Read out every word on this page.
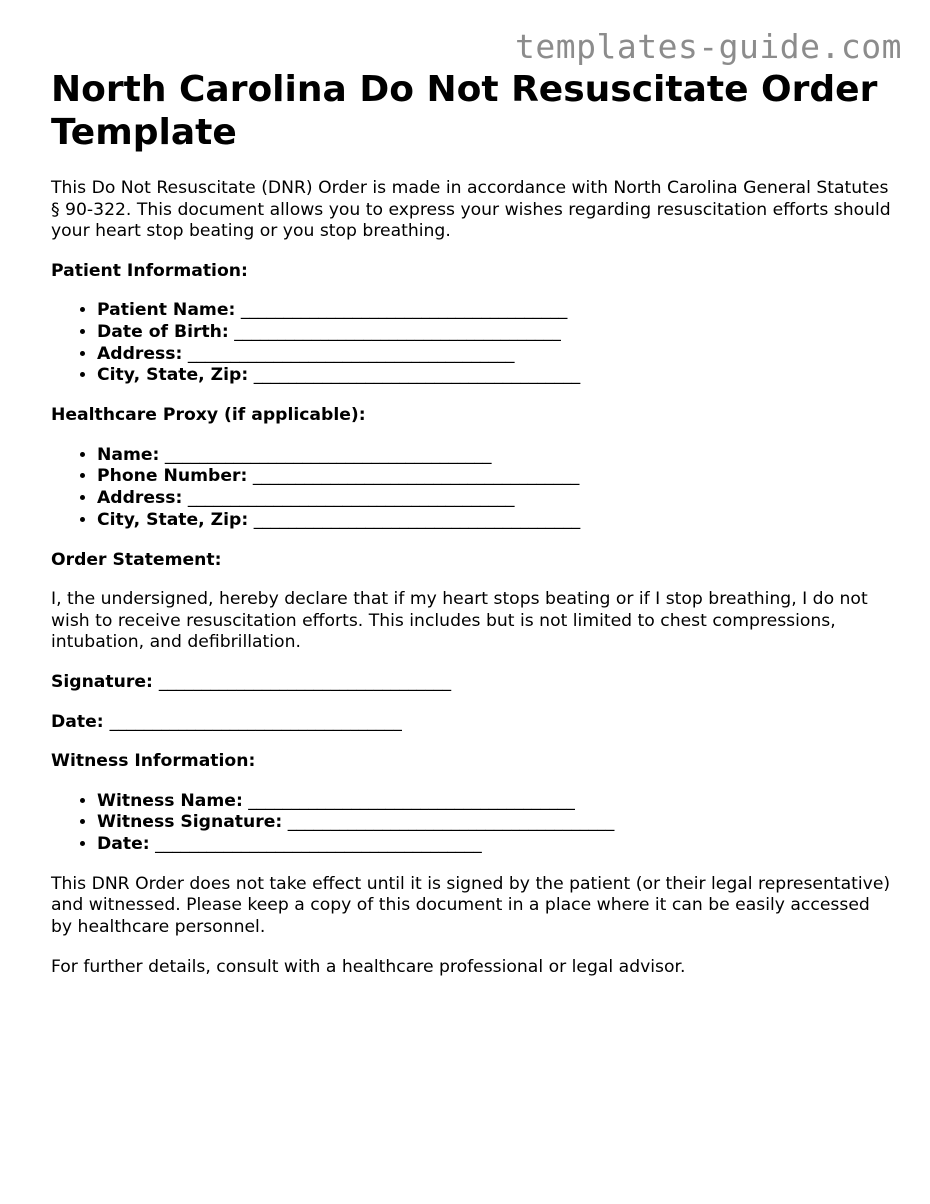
templates-guide.com
North Carolina Do Not Resuscitate Order Template

This Do Not Resuscitate (DNR) Order is made in accordance with North Carolina General Statutes § 90-322. This document allows you to express your wishes regarding resuscitation efforts should your heart stop beating or you stop breathing.

Patient Information:

• Patient Name: ______________________________________
• Date of Birth: ______________________________________
• Address: ______________________________________
• City, State, Zip: ______________________________________

Healthcare Proxy (if applicable):

• Name: ______________________________________
• Phone Number: ______________________________________
• Address: ______________________________________
• City, State, Zip: ______________________________________

Order Statement:

I, the undersigned, hereby declare that if my heart stops beating or if I stop breathing, I do not wish to receive resuscitation efforts. This includes but is not limited to chest compressions, intubation, and defibrillation.

Signature: __________________________________

Date: __________________________________

Witness Information:

• Witness Name: ______________________________________
• Witness Signature: ______________________________________
• Date: ______________________________________

This DNR Order does not take effect until it is signed by the patient (or their legal representative) and witnessed. Please keep a copy of this document in a place where it can be easily accessed by healthcare personnel.

For further details, consult with a healthcare professional or legal advisor.
